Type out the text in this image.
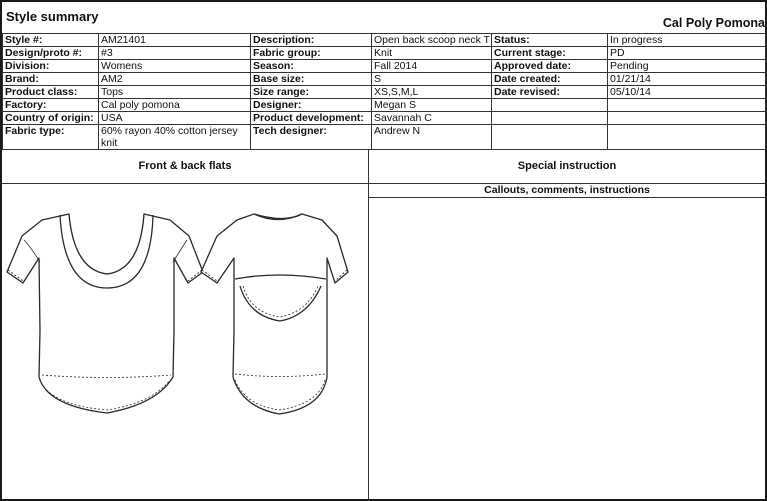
Style summary	Cal Poly Pomona
Style #:	AM21401	Description:	Open back scoop neck T	Status:	In progress
Design/proto #:	#3	Fabric group:	Knit	Current stage:	PD
Division:	Womens	Season:	Fall 2014	Approved date:	Pending
Brand:	AM2	Base size:	S	Date created:	01/21/14
Product class:	Tops	Size range:	XS,S,M,L	Date revised:	05/10/14
Factory:	Cal poly pomona	Designer:	Megan S		
Country of origin:	USA	Product development:	Savannah C		
Fabric type:	60% rayon 40% cotton jersey knit	Tech designer:	Andrew N		
Front & back flats	Special instruction
Callouts, comments, instructions
